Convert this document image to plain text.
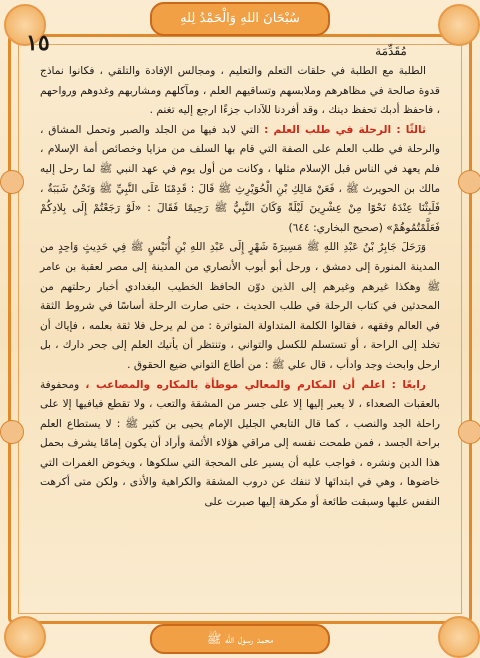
سُبْحَانَ اللهِ وَالْحَمْدُ لِلهِ
١٥	مُقَدِّمَة

الطلبة مع الطلبة في حلقات التعلم والتعليم ، ومجالس الإفادة والتلقي ، فكانوا نماذج قدوة صالحة في مظاهرهم وملابسهم وتساقيهم العلم ، ومآكلهم ومشاربهم وغدوهم ورواحهم ، فاحفظ أدبك تحفظ دينك ، وقد أفردنا للآداب جزءًا ارجع إليه تغنم .

ثالثًا : الرحلة في طلب العلم : التي لابد فيها من الجلد والصبر وتحمل المشاق ، والرحلة في طلب العلم على الصفة التي قام بها السلف من مزايا وخصائص أمة الإسلام ، فلم يعهد في الناس قبل الإسلام مثلها ، وكانت من أول يوم في عهد النبي ﷺ لما رحل إليه مالك بن الحويرث ﷺ ، فَعَنْ مَالِكِ بْنِ الْحُوَيْرِثِ ﷺ قَالَ : قَدِمْنَا عَلَى النَّبِيِّ ﷺ وَنَحْنُ شَبَبَةٌ ، فَلَبِثْنَا عِنْدَهُ نَحْوًا مِنْ عِشْرِينَ لَيْلَةً وَكَانَ النَّبِيُّ ﷺ رَحِيمًا فَقَالَ : «لَوْ رَجَعْتُمْ إِلَى بِلادِكُمْ فَعَلَّمْتُمُوهُمْ» (صحيح البخاري: ٦٤٤)

وَرَحَلَ جَابِرُ بْنُ عَبْدِ اللهِ ﷺ مَسِيرَةَ شَهْرٍ إِلَى عَبْدِ اللهِ بْنِ أُنَيْسٍ ﷺ فِي حَدِيثٍ وَاحِدٍ من المدينة المنورة إلى دمشق ، ورحل أبو أيوب الأنصاري من المدينة إلى مصر لعقبة بن عامر ﷺ وهكذا غيرهم وغيرهم إلى الذين دوّن الحافظ الخطيب البغدادي أخبار رحلتهم من المحدثين في كتاب الرحلة في طلب الحديث ، حتى صارت الرحلة أساسًا في شروط الثقة في العالم وفقهه ، فقالوا الكلمة المتداولة المتواترة : من لم يرحل فلا ثقة بعلمه ، فإياك أن تخلد إلى الراحة ، أو تستسلم للكسل والتواني ، وتنتظر أن يأتيك العلم إلى جحر دارك ، بل ارحل وابحث وجد وادأب ، قال علي ﷺ : من أطاع التواني ضيع الحقوق .

رابعًا : اعلم أن المكارم والمعالي موطأة بالمكاره والمصاعب ، ومحفوفة بالعقبات الصعداء ، لا يعبر إليها إلا على جسر من المشقة والتعب ، ولا تقطع فيافيها إلا على راحلة الجد والنصب ، كما قال التابعي الجليل الإمام يحيى بن كثير ﷺ : لا يستطاع العلم براحة الجسد ، فمن طمحت نفسه إلى مراقي هؤلاء الأئمة وأراد أن يكون إمامًا يشرف بحمل هذا الدين ونشره ، فواجب عليه أن يسير على المحجة التي سلكوها ، ويخوض الغمرات التي خاضوها ، وهي في ابتدائها لا تنفك عن دروب المشقة والكراهية والأذى ، ولكن متى أكرهت النفس عليها وسبقت طائعة أو مكرهة إليها صبرت على

محمد رسول الله ﷺ
